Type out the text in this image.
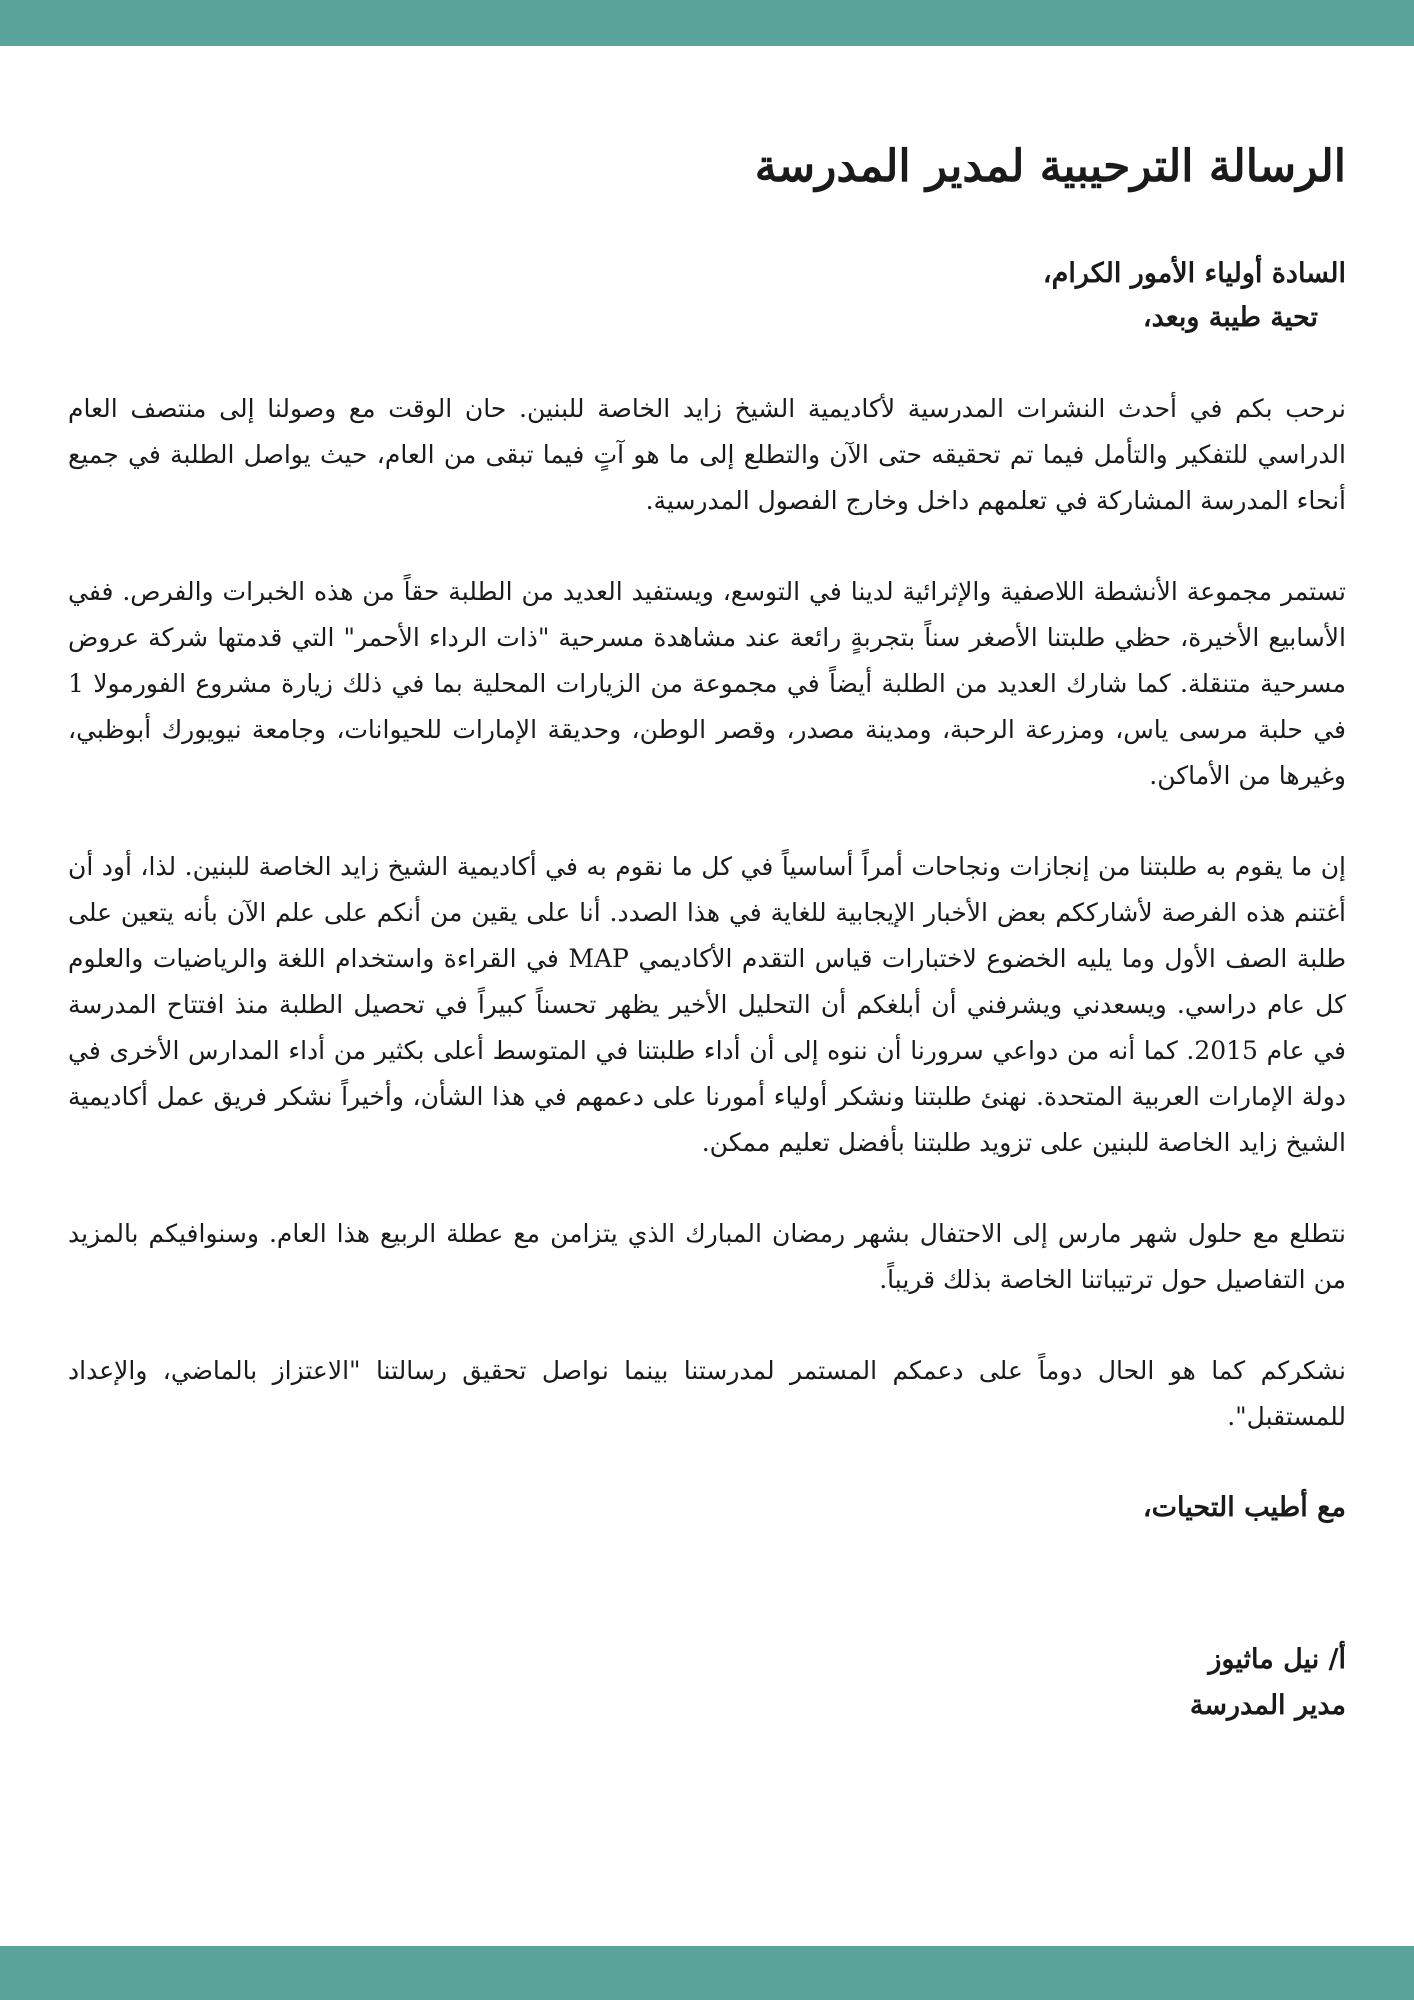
الرسالة الترحيبية لمدير المدرسة
السادة أولياء الأمور الكرام،
تحية طيبة وبعد،

نرحب بكم في أحدث النشرات المدرسية لأكاديمية الشيخ زايد الخاصة للبنين. حان الوقت مع وصولنا إلى منتصف العام الدراسي للتفكير والتأمل فيما تم تحقيقه حتى الآن والتطلع إلى ما هو آتٍ فيما تبقى من العام، حيث يواصل الطلبة في جميع أنحاء المدرسة المشاركة في تعلمهم داخل وخارج الفصول المدرسية.

تستمر مجموعة الأنشطة اللاصفية والإثرائية لدينا في التوسع، ويستفيد العديد من الطلبة حقاً من هذه الخبرات والفرص. ففي الأسابيع الأخيرة، حظي طلبتنا الأصغر سناً بتجربةٍ رائعة عند مشاهدة مسرحية "ذات الرداء الأحمر" التي قدمتها شركة عروض مسرحية متنقلة. كما شارك العديد من الطلبة أيضاً في مجموعة من الزيارات المحلية بما في ذلك زيارة مشروع الفورمولا 1 في حلبة مرسى ياس، ومزرعة الرحبة، ومدينة مصدر، وقصر الوطن، وحديقة الإمارات للحيوانات، وجامعة نيويورك أبوظبي، وغيرها من الأماكن.

إن ما يقوم به طلبتنا من إنجازات ونجاحات أمراً أساسياً في كل ما نقوم به في أكاديمية الشيخ زايد الخاصة للبنين. لذا، أود أن أغتنم هذه الفرصة لأشارككم بعض الأخبار الإيجابية للغاية في هذا الصدد. أنا على يقين من أنكم على علم الآن بأنه يتعين على طلبة الصف الأول وما يليه الخضوع لاختبارات قياس التقدم الأكاديمي MAP في القراءة واستخدام اللغة والرياضيات والعلوم كل عام دراسي. ويسعدني ويشرفني أن أبلغكم أن التحليل الأخير يظهر تحسناً كبيراً في تحصيل الطلبة منذ افتتاح المدرسة في عام 2015. كما أنه من دواعي سرورنا أن ننوه إلى أن أداء طلبتنا في المتوسط أعلى بكثير من أداء المدارس الأخرى في دولة الإمارات العربية المتحدة. نهنئ طلبتنا ونشكر أولياء أمورنا على دعمهم في هذا الشأن، وأخيراً نشكر فريق عمل أكاديمية الشيخ زايد الخاصة للبنين على تزويد طلبتنا بأفضل تعليم ممكن.

نتطلع مع حلول شهر مارس إلى الاحتفال بشهر رمضان المبارك الذي يتزامن مع عطلة الربيع هذا العام. وسنوافيكم بالمزيد من التفاصيل حول ترتيباتنا الخاصة بذلك قريباً.

نشكركم كما هو الحال دوماً على دعمكم المستمر لمدرستنا بينما نواصل تحقيق رسالتنا "الاعتزاز بالماضي، والإعداد للمستقبل".

مع أطيب التحيات،
أ/ نيل ماثيوز
مدير المدرسة
